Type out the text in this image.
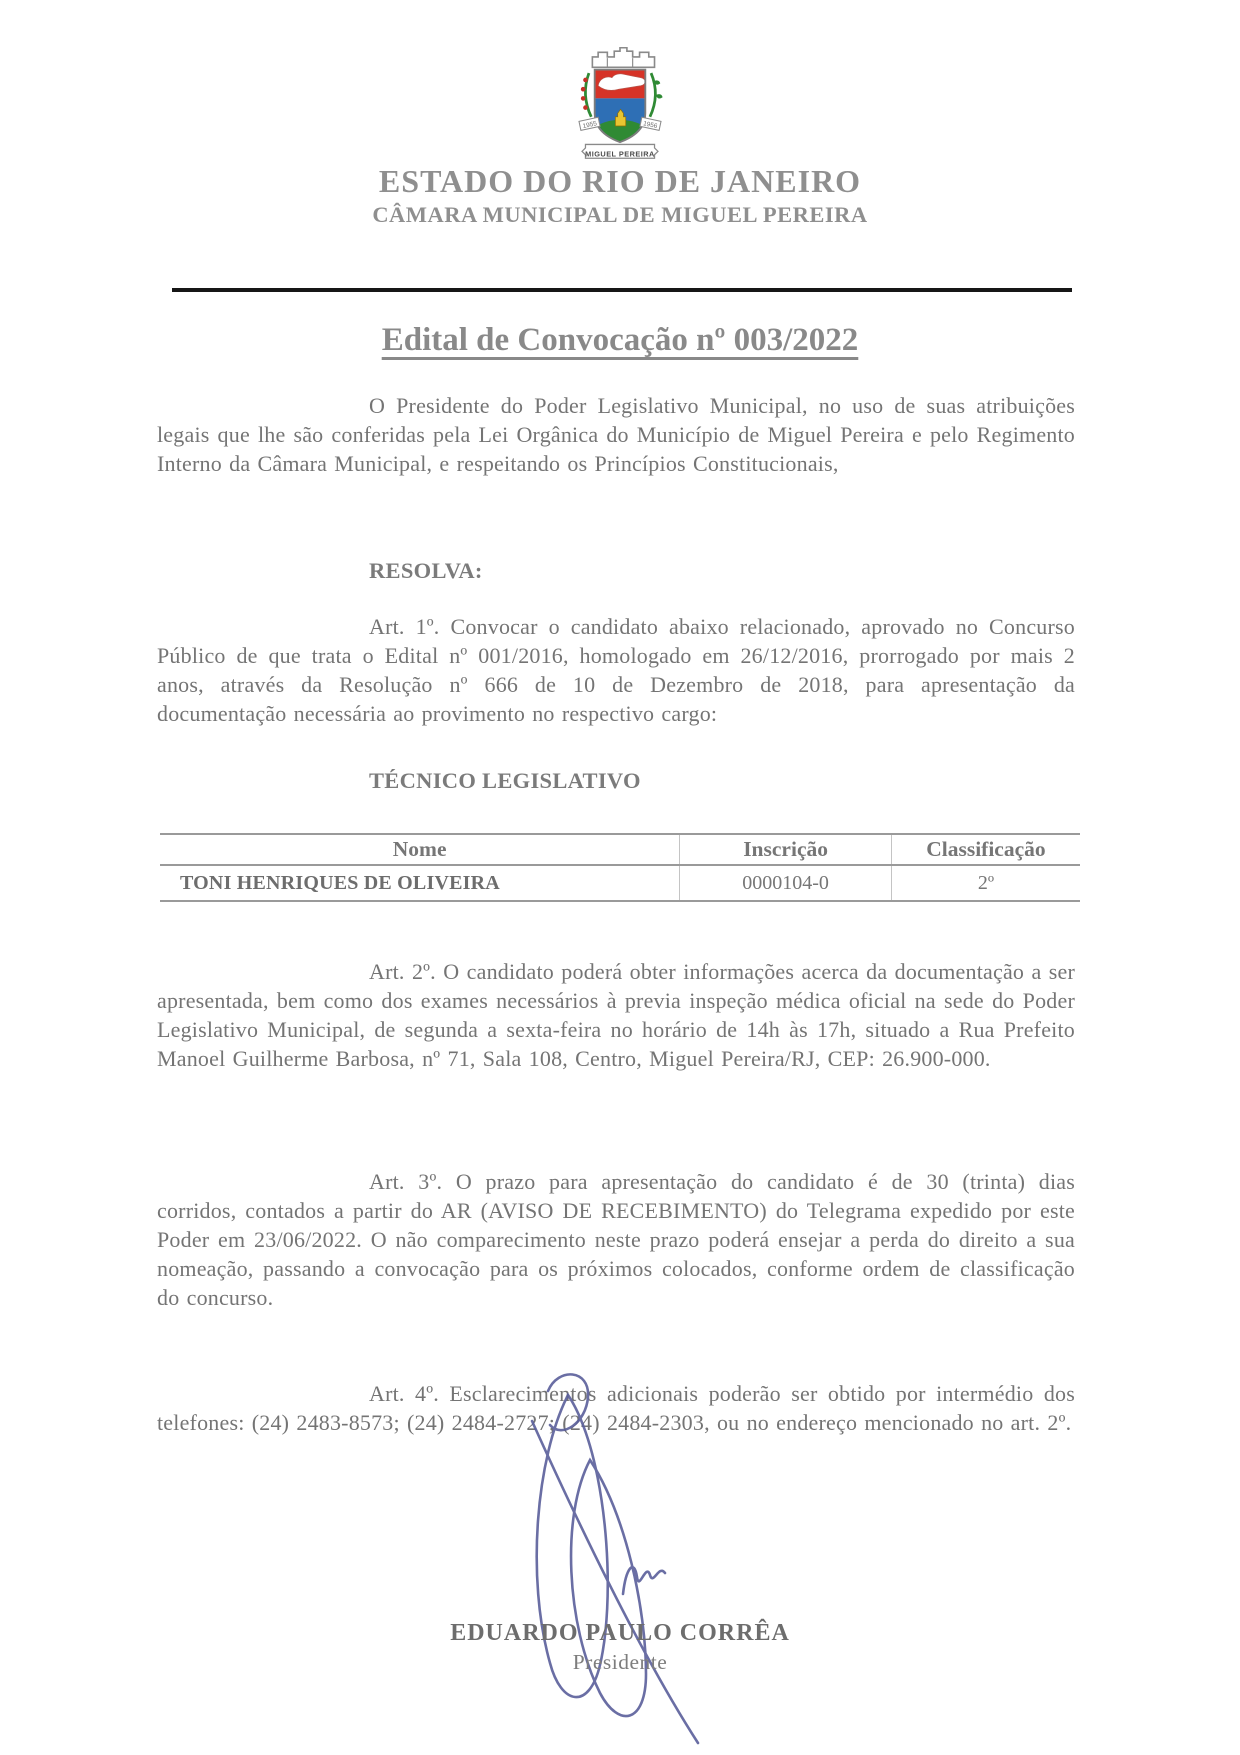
1955	1956
MIGUEL PEREIRA
ESTADO DO RIO DE JANEIRO
CÂMARA MUNICIPAL DE MIGUEL PEREIRA
Edital de Convocação nº 003/2022

O Presidente do Poder Legislativo Municipal, no uso de suas atribuições legais que lhe são conferidas pela Lei Orgânica do Município de Miguel Pereira e pelo Regimento Interno da Câmara Municipal, e respeitando os Princípios Constitucionais,

RESOLVA:

Art. 1º. Convocar o candidato abaixo relacionado, aprovado no Concurso Público de que trata o Edital nº 001/2016, homologado em 26/12/2016, prorrogado por mais 2 anos, através da Resolução nº 666 de 10 de Dezembro de 2018, para apresentação da documentação necessária ao provimento no respectivo cargo:

TÉCNICO LEGISLATIVO

Nome	Inscrição	Classificação
TONI HENRIQUES DE OLIVEIRA	0000104-0	2º

Art. 2º. O candidato poderá obter informações acerca da documentação a ser apresentada, bem como dos exames necessários à previa inspeção médica oficial na sede do Poder Legislativo Municipal, de segunda a sexta-feira no horário de 14h às 17h, situado a Rua Prefeito Manoel Guilherme Barbosa, nº 71, Sala 108, Centro, Miguel Pereira/RJ, CEP: 26.900-000.

Art. 3º. O prazo para apresentação do candidato é de 30 (trinta) dias corridos, contados a partir do AR (AVISO DE RECEBIMENTO) do Telegrama expedido por este Poder em 23/06/2022. O não comparecimento neste prazo poderá ensejar a perda do direito a sua nomeação, passando a convocação para os próximos colocados, conforme ordem de classificação do concurso.

Art. 4º. Esclarecimentos adicionais poderão ser obtido por intermédio dos telefones: (24) 2483-8573; (24) 2484-2727; (24) 2484-2303, ou no endereço mencionado no art. 2º.

EDUARDO PAULO CORRÊA
Presidente
